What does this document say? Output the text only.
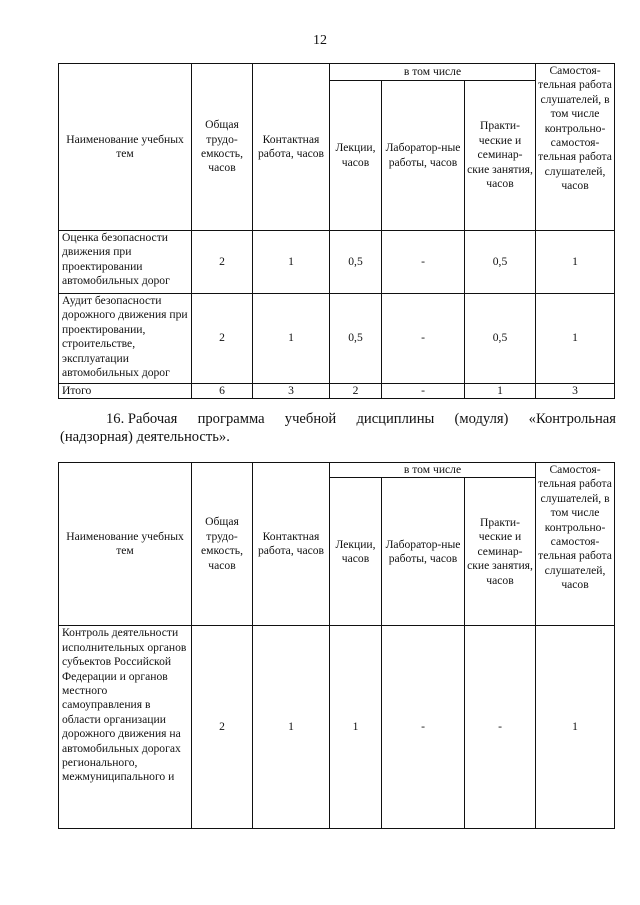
12
Наименование учебных тем	Общая трудо-емкость, часов	Контактная работа, часов	в том числе			Самостоя-тельная работа слушателей, в том числе контрольно-самостоя-тельная работа слушателей, часов
			Лекции, часов	Лаборатор-ные работы, часов	Практи-ческие и семинар-ские занятия, часов	
Оценка безопасности движения при проектировании автомобильных дорог	2	1	0,5	-	0,5	1
Аудит безопасности дорожного движения при проектировании, строительстве, эксплуатации автомобильных дорог	2	1	0,5	-	0,5	1
Итого	6	3	2	-	1	3
16. Рабочая программа учебной дисциплины (модуля) «Контрольная
(надзорная) деятельность».
Наименование учебных тем	Общая трудо-емкость, часов	Контактная работа, часов	в том числе			Самостоя-тельная работа слушателей, в том числе контрольно-самостоя-тельная работа слушателей, часов
			Лекции, часов	Лаборатор-ные работы, часов	Практи-ческие и семинар-ские занятия, часов	
Контроль деятельности исполнительных органов субъектов Российской Федерации и органов местного самоуправления в области организации дорожного движения на автомобильных дорогах регионального, межмуниципального и	2	1	1	-	-	1
